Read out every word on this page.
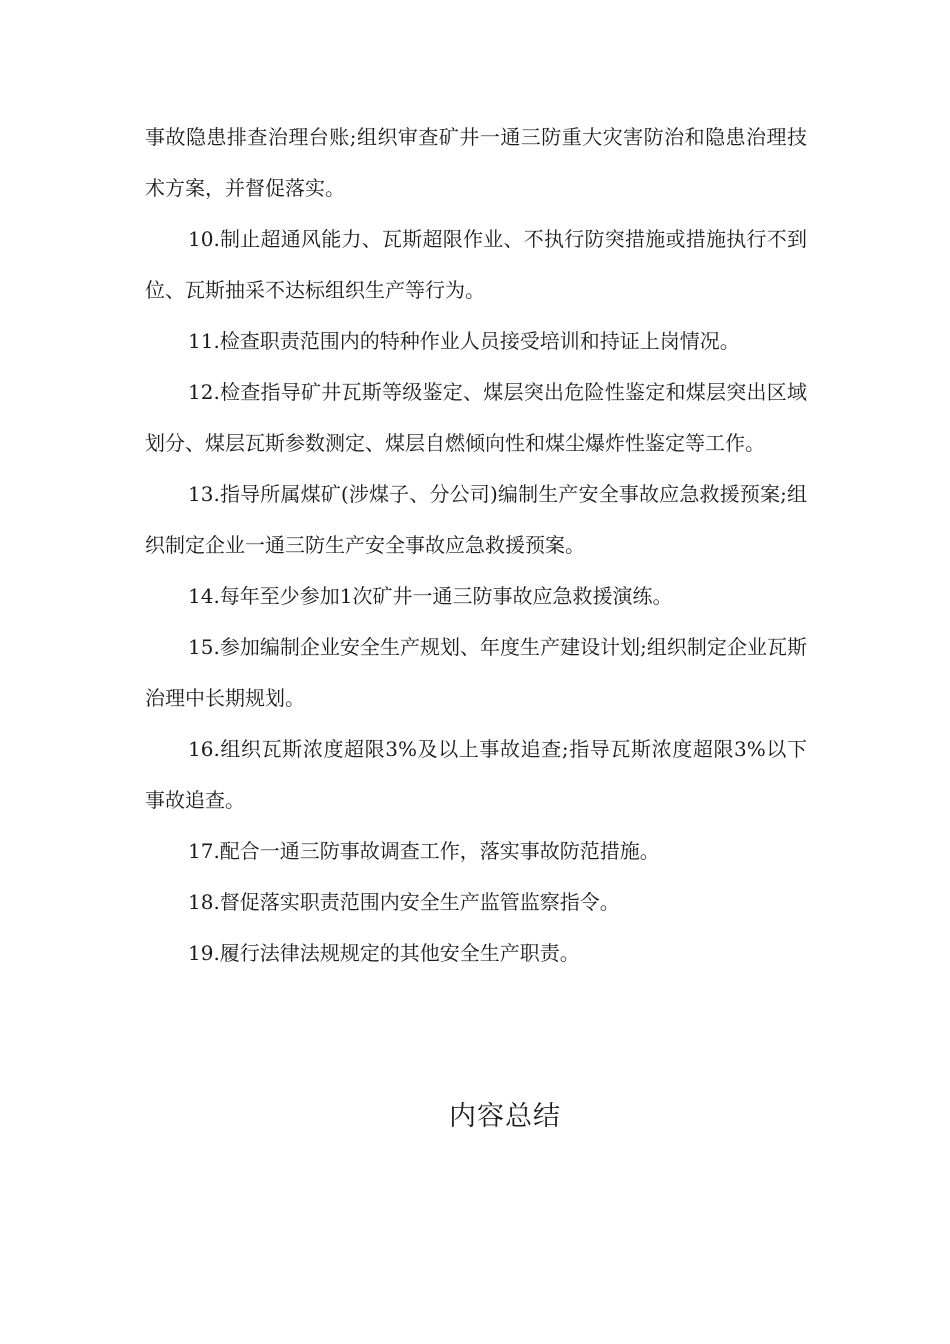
事故隐患排查治理台账;组织审查矿井一通三防重大灾害防治和隐患治理技术方案，并督促落实。

10.制止超通风能力、瓦斯超限作业、不执行防突措施或措施执行不到位、瓦斯抽采不达标组织生产等行为。

11.检查职责范围内的特种作业人员接受培训和持证上岗情况。

12.检查指导矿井瓦斯等级鉴定、煤层突出危险性鉴定和煤层突出区域划分、煤层瓦斯参数测定、煤层自燃倾向性和煤尘爆炸性鉴定等工作。

13.指导所属煤矿(涉煤子、分公司)编制生产安全事故应急救援预案;组织制定企业一通三防生产安全事故应急救援预案。

14.每年至少参加1次矿井一通三防事故应急救援演练。

15.参加编制企业安全生产规划、年度生产建设计划;组织制定企业瓦斯治理中长期规划。

16.组织瓦斯浓度超限3%及以上事故追查;指导瓦斯浓度超限3%以下事故追查。

17.配合一通三防事故调查工作，落实事故防范措施。

18.督促落实职责范围内安全生产监管监察指令。

19.履行法律法规规定的其他安全生产职责。

内容总结
